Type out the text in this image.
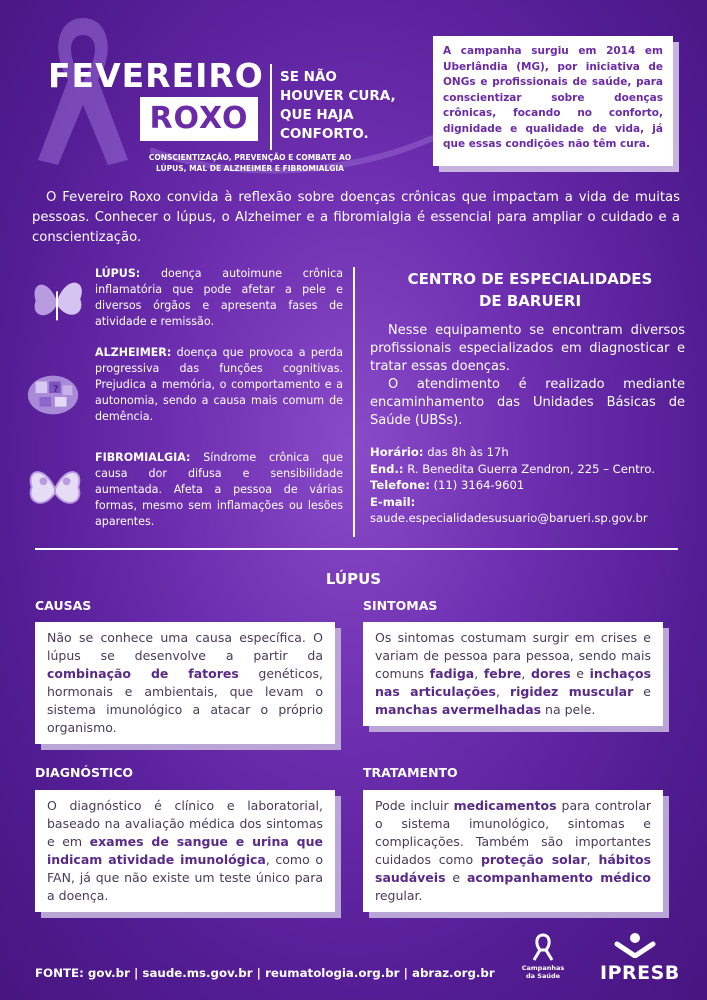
FEVEREIRO
ROXO
SE NÃO
HOUVER CURA,
QUE HAJA
CONFORTO.
CONSCIENTIZAÇÃO, PREVENÇÃO E COMBATE AO
LÚPUS, MAL DE ALZHEIMER E FIBROMIALGIA

A campanha surgiu em 2014 em Uberlândia (MG), por iniciativa de ONGs e profissionais de saúde, para conscientizar sobre doenças crônicas, focando no conforto, dignidade e qualidade de vida, já que essas condições não têm cura.

O Fevereiro Roxo convida à reflexão sobre doenças crônicas que impactam a vida de muitas pessoas. Conhecer o lúpus, o Alzheimer e a fibromialgia é essencial para ampliar o cuidado e a conscientização.
LÚPUS: doença autoimune crônica inflamatória que pode afetar a pele e diversos órgãos e apresenta fases de atividade e remissão.
?
ALZHEIMER: doença que provoca a perda progressiva das funções cognitivas. Prejudica a memória, o comportamento e a autonomia, sendo a causa mais comum de demência.
FIBROMIALGIA: Síndrome crônica que causa dor difusa e sensibilidade aumentada. Afeta a pessoa de várias formas, mesmo sem inflamações ou lesões aparentes.
CENTRO DE ESPECIALIDADES
DE BARUERI

Nesse equipamento se encontram diversos profissionais especializados em diagnosticar e tratar essas doenças.

O atendimento é realizado mediante encaminhamento das Unidades Básicas de Saúde (UBSs).

Horário: das 8h às 17h
End.: R. Benedita Guerra Zendron, 225 – Centro.
Telefone: (11) 3164-9601
E-mail:
saude.especialidadesusuario@barueri.sp.gov.br
LÚPUS
CAUSAS

Não se conhece uma causa específica. O lúpus se desenvolve a partir da combinação de fatores genéticos, hormonais e ambientais, que levam o sistema imunológico a atacar o próprio organismo.

SINTOMAS

Os sintomas costumam surgir em crises e variam de pessoa para pessoa, sendo mais comuns fadiga, febre, dores e inchaços nas articulações, rigidez muscular e manchas avermelhadas na pele.

DIAGNÓSTICO

O diagnóstico é clínico e laboratorial, baseado na avaliação médica dos sintomas e em exames de sangue e urina que indicam atividade imunológica, como o FAN, já que não existe um teste único para a doença.

TRATAMENTO

Pode incluir medicamentos para controlar o sistema imunológico, sintomas e complicações. Também são importantes cuidados como proteção solar, hábitos saudáveis e acompanhamento médico regular.

FONTE: gov.br | saude.ms.gov.br | reumatologia.org.br | abraz.org.br	Campanhas
da Saúde	IPRESB
